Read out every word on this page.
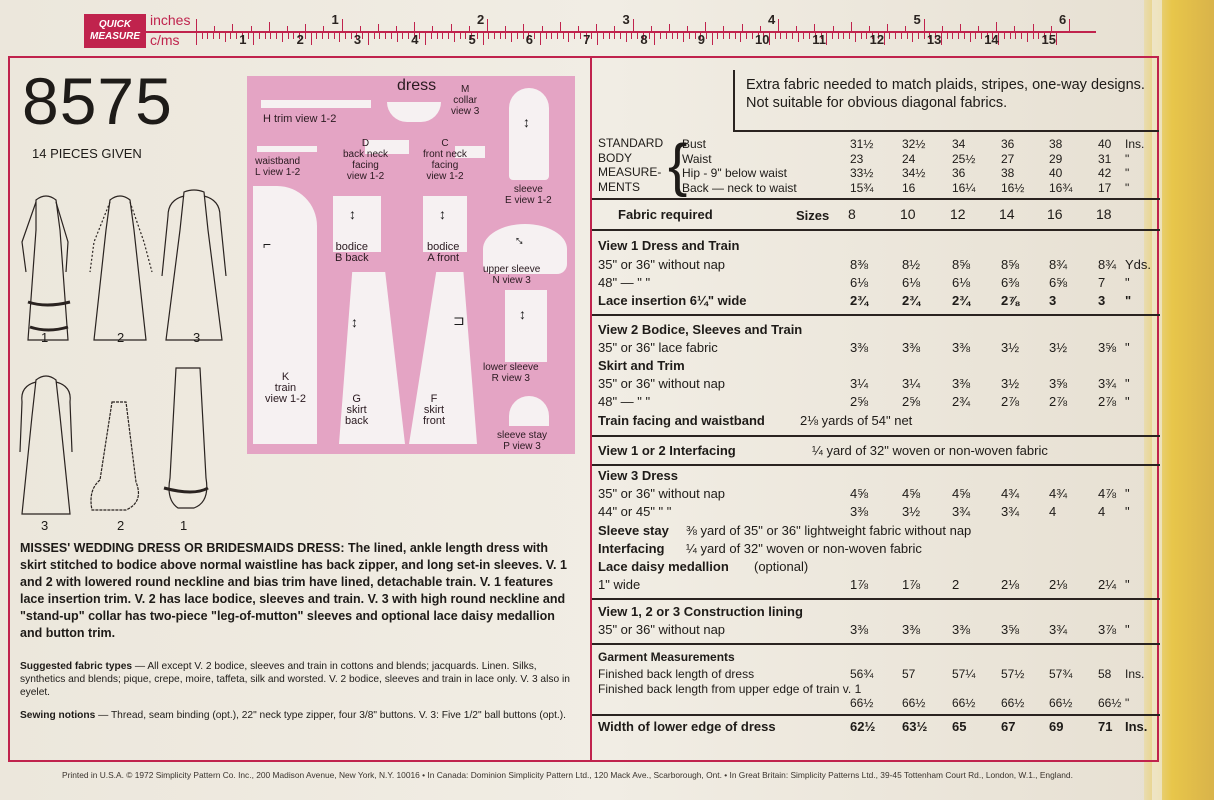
QUICK
MEASURE
inches
c/ms
1	2	3	4	5	6
1	2	3	4	5	6	7	8	9	10	11	12	13	14	15
8575
14 PIECES GIVEN
1	2	3
3	2	1
H trim view 1-2
dress	M
collar
view 3
↕
sleeve
E view 1-2
waistband
L view 1-2
D
back neck
facing
view 1-2
C
front neck
facing
view 1-2
↕
bodice
B back
↕
bodice
A front
↕
upper sleeve
N view 3
⌐
K
train
view 1-2
↕
G
skirt
back
⊐
F
skirt
front
↕
lower sleeve
R view 3
sleeve stay
P view 3
MISSES' WEDDING DRESS OR BRIDESMAIDS DRESS: The lined, ankle length dress with skirt stitched to bodice above normal waistline has back zipper, and long set-in sleeves. V. 1 and 2 with lowered round neckline and bias trim have lined, detachable train. V. 1 features lace insertion trim. V. 2 has lace bodice, sleeves and train. V. 3 with high round neckline and "stand-up" collar has two-piece "leg-of-mutton" sleeves and optional lace daisy medallion and button trim.
Suggested fabric types — All except V. 2 bodice, sleeves and train in cottons and blends; jacquards. Linen. Silks, synthetics and blends; pique, crepe, moire, taffeta, silk and worsted. V. 2 bodice, sleeves and train in lace only. V. 3 also in eyelet.
Sewing notions — Thread, seam binding (opt.), 22" neck type zipper, four 3/8" buttons. V. 3: Five 1/2" ball buttons (opt.).
Extra fabric needed to match plaids, stripes, one-way designs.
Not suitable for obvious diagonal fabrics.
STANDARD
BODY
MEASURE-
MENTS {
Bust	31½ 32½ 34	36	38	40 Ins.
Waist	23	24	25½ 27	29	31 "
Hip - 9" below waist	33½ 34½ 36	38	40	42 "
Back — neck to waist	15¾ 16	16¼ 16½ 16¾ 17 "
Fabric required	Sizes 8	10 12 14 16 18
View 1 Dress and Train
35" or 36" without nap	8⅜	8½ 8⅝ 8⅝ 8¾ 8¾ Yds.
48" — " "	6⅛	6⅛ 6⅛ 6⅜ 6⅝ 7 "
Lace insertion 6¼" wide	2¾	2¾ 2¾ 2⅞ 3	3 "
View 2 Bodice, Sleeves and Train
35" or 36" lace fabric	3⅜	3⅜ 3⅜ 3½ 3½ 3⅝ "
Skirt and Trim
35" or 36" without nap	3¼	3¼ 3⅜ 3½ 3⅝ 3¾ "
48" — " "	2⅝	2⅝ 2¾ 2⅞ 2⅞ 2⅞ "
Train facing and waistband	2⅛ yards of 54" net
View 1 or 2 Interfacing	¼ yard of 32" woven or non-woven fabric
View 3 Dress
35" or 36" without nap	4⅝	4⅝ 4⅝ 4¾ 4¾ 4⅞ "
44" or 45" " "	3⅜	3½ 3¾ 3¾ 4	4 "
Sleeve stay ⅜ yard of 35" or 36" lightweight fabric without nap
Interfacing ¼ yard of 32" woven or non-woven fabric
Lace daisy medallion (optional)
1" wide	1⅞	1⅞ 2	2⅛ 2⅛ 2¼ "
View 1, 2 or 3 Construction lining
35" or 36" without nap	3⅜	3⅜ 3⅜ 3⅝ 3¾ 3⅞ "
Garment Measurements
Finished back length of dress	56¾ 57	57¼ 57½ 57¾ 58 Ins.
Finished back length from upper edge of train v. 1
66½ 66½ 66½ 66½ 66½ 66½ "
Width of lower edge of dress	62½ 63½ 65	67	69	71 Ins.
Printed in U.S.A. © 1972 Simplicity Pattern Co. Inc., 200 Madison Avenue, New York, N.Y. 10016 • In Canada: Dominion Simplicity Pattern Ltd., 120 Mack Ave., Scarborough, Ont. • In Great Britain: Simplicity Patterns Ltd., 39-45 Tottenham Court Rd., London, W.1., England.
